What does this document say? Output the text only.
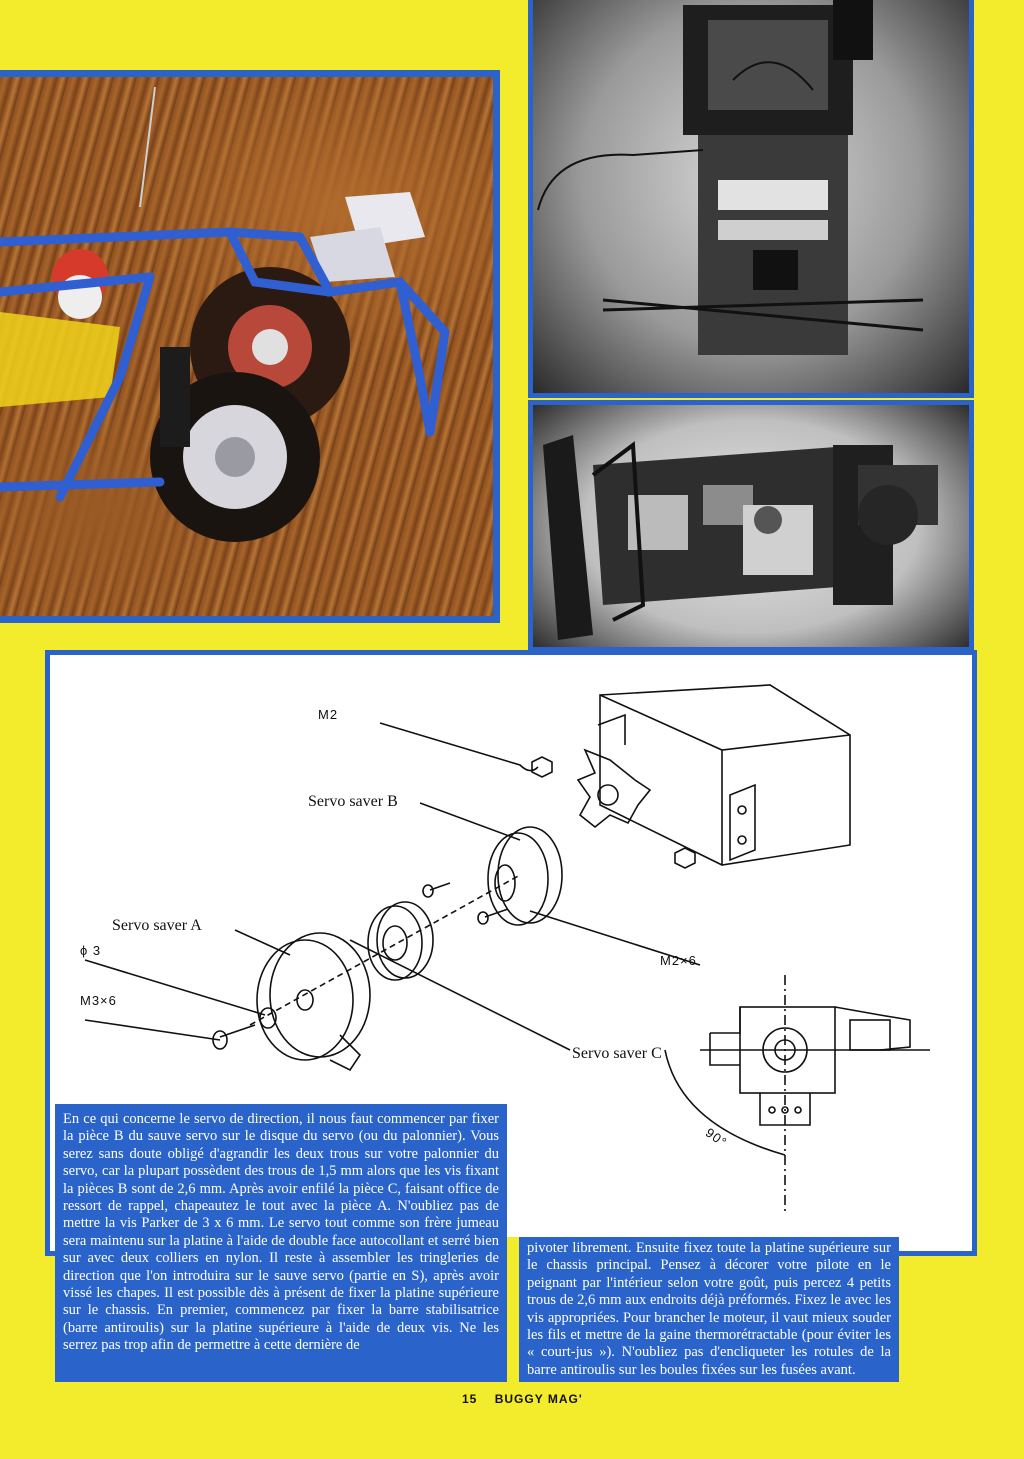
M2
Servo saver B
Servo saver A
ϕ 3
M2×6
M3×6
Servo saver C
90°
En ce qui concerne le servo de direction, il nous faut commencer par fixer la pièce B du sauve servo sur le disque du servo (ou du palonnier). Vous serez sans doute obligé d'agrandir les deux trous sur votre palonnier du servo, car la plupart possèdent des trous de 1,5 mm alors que les vis fixant la pièces B sont de 2,6 mm. Après avoir enfilé la pièce C, faisant office de ressort de rappel, chapeautez le tout avec la pièce A. N'oubliez pas de mettre la vis Parker de 3 x 6 mm. Le servo tout comme son frère jumeau sera maintenu sur la platine à l'aide de double face autocollant et serré bien sur avec deux colliers en nylon. Il reste à assembler les tringleries de direction que l'on introduira sur le sauve servo (partie en S), après avoir vissé les chapes. Il est possible dès à présent de fixer la platine supérieure sur le chassis. En premier, commencez par fixer la barre stabilisatrice (barre antiroulis) sur la platine supérieure à l'aide de deux vis. Ne les serrez pas trop afin de permettre à cette dernière de
pivoter librement. Ensuite fixez toute la platine supérieure sur le chassis principal. Pensez à décorer votre pilote en le peignant par l'intérieur selon votre goût, puis percez 4 petits trous de 2,6 mm aux endroits déjà préformés. Fixez le avec les vis appropriées. Pour brancher le moteur, il vaut mieux souder les fils et mettre de la gaine thermorétractable (pour éviter les « court-jus »). N'oubliez pas d'encliqueter les rotules de la barre antiroulis sur les boules fixées sur les fusées avant.
15 BUGGY MAG'
